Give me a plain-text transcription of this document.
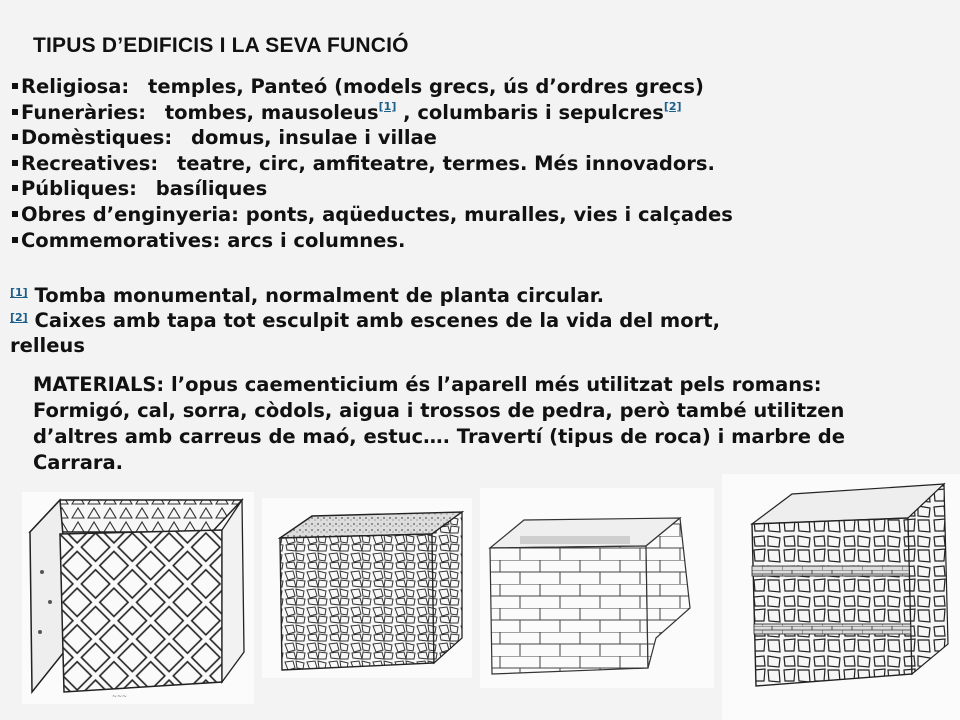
TIPUS D’EDIFICIS I LA SEVA FUNCIÓ
Religiosa: temples, Panteó (models grecs, ús d’ordres grecs)
Funeràries: tombes, mausoleus[1] , columbaris i sepulcres[2]
Domèstiques: domus, insulae i villae
Recreatives: teatre, circ, amfiteatre, termes. Més innovadors.
Públiques: basíliques
Obres d’enginyeria: ponts, aqüeductes, muralles, vies i calçades
Commemoratives: arcs i columnes.
[1] Tomba monumental, normalment de planta circular.
[2] Caixes amb tapa tot esculpit amb escenes de la vida del mort,
relleus
MATERIALS: l’opus caementicium és l’aparell més utilitzat pels romans:
Formigó, cal, sorra, còdols, aigua i trossos de pedra, però també utilitzen
d’altres amb carreus de maó, estuc…. Travertí (tipus de roca) i marbre de
Carrara.
~~~
